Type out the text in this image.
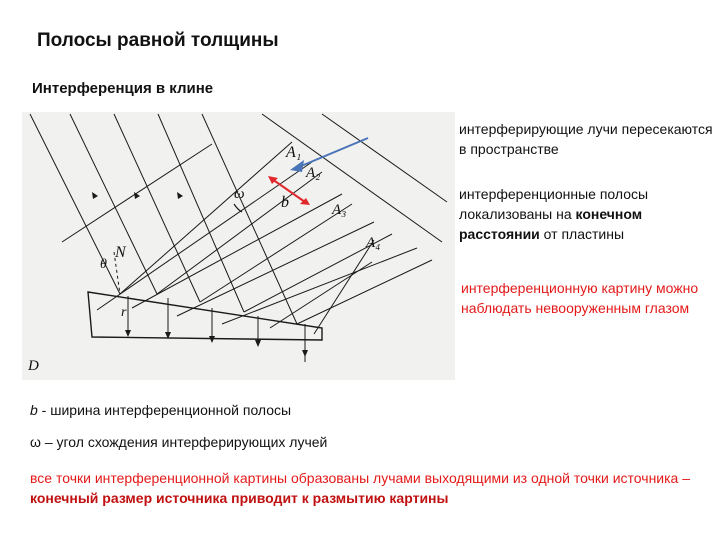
Полосы равной толщины
Интерференция в клине
A₁
A₂
A₃
A₄
b
ω
N
θ
r
D

интерферирующие лучи пересекаются в пространстве

интерференционные полосы локализованы на конечном расстоянии от пластины

интерференционную картину можно наблюдать невооруженным глазом

b - ширина интерференционной полосы

ω – угол схождения интерферирующих лучей

все точки интерференционной картины образованы лучами выходящими из одной точки источника – конечный размер источника приводит к размытию картины
